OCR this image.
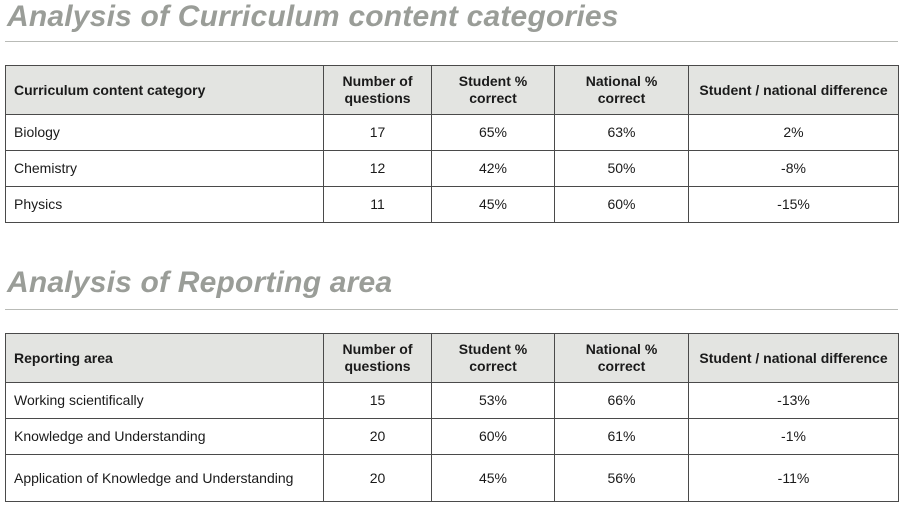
Analysis of Curriculum content categories
Curriculum content category	Number of questions	Student % correct	National % correct	Student / national difference
Biology	17	65%	63%	2%
Chemistry	12	42%	50%	-8%
Physics	11	45%	60%	-15%
Analysis of Reporting area
Reporting area	Number of questions	Student % correct	National % correct	Student / national difference
Working scientifically	15	53%	66%	-13%
Knowledge and Understanding	20	60%	61%	-1%
Application of Knowledge and Understanding	20	45%	56%	-11%
